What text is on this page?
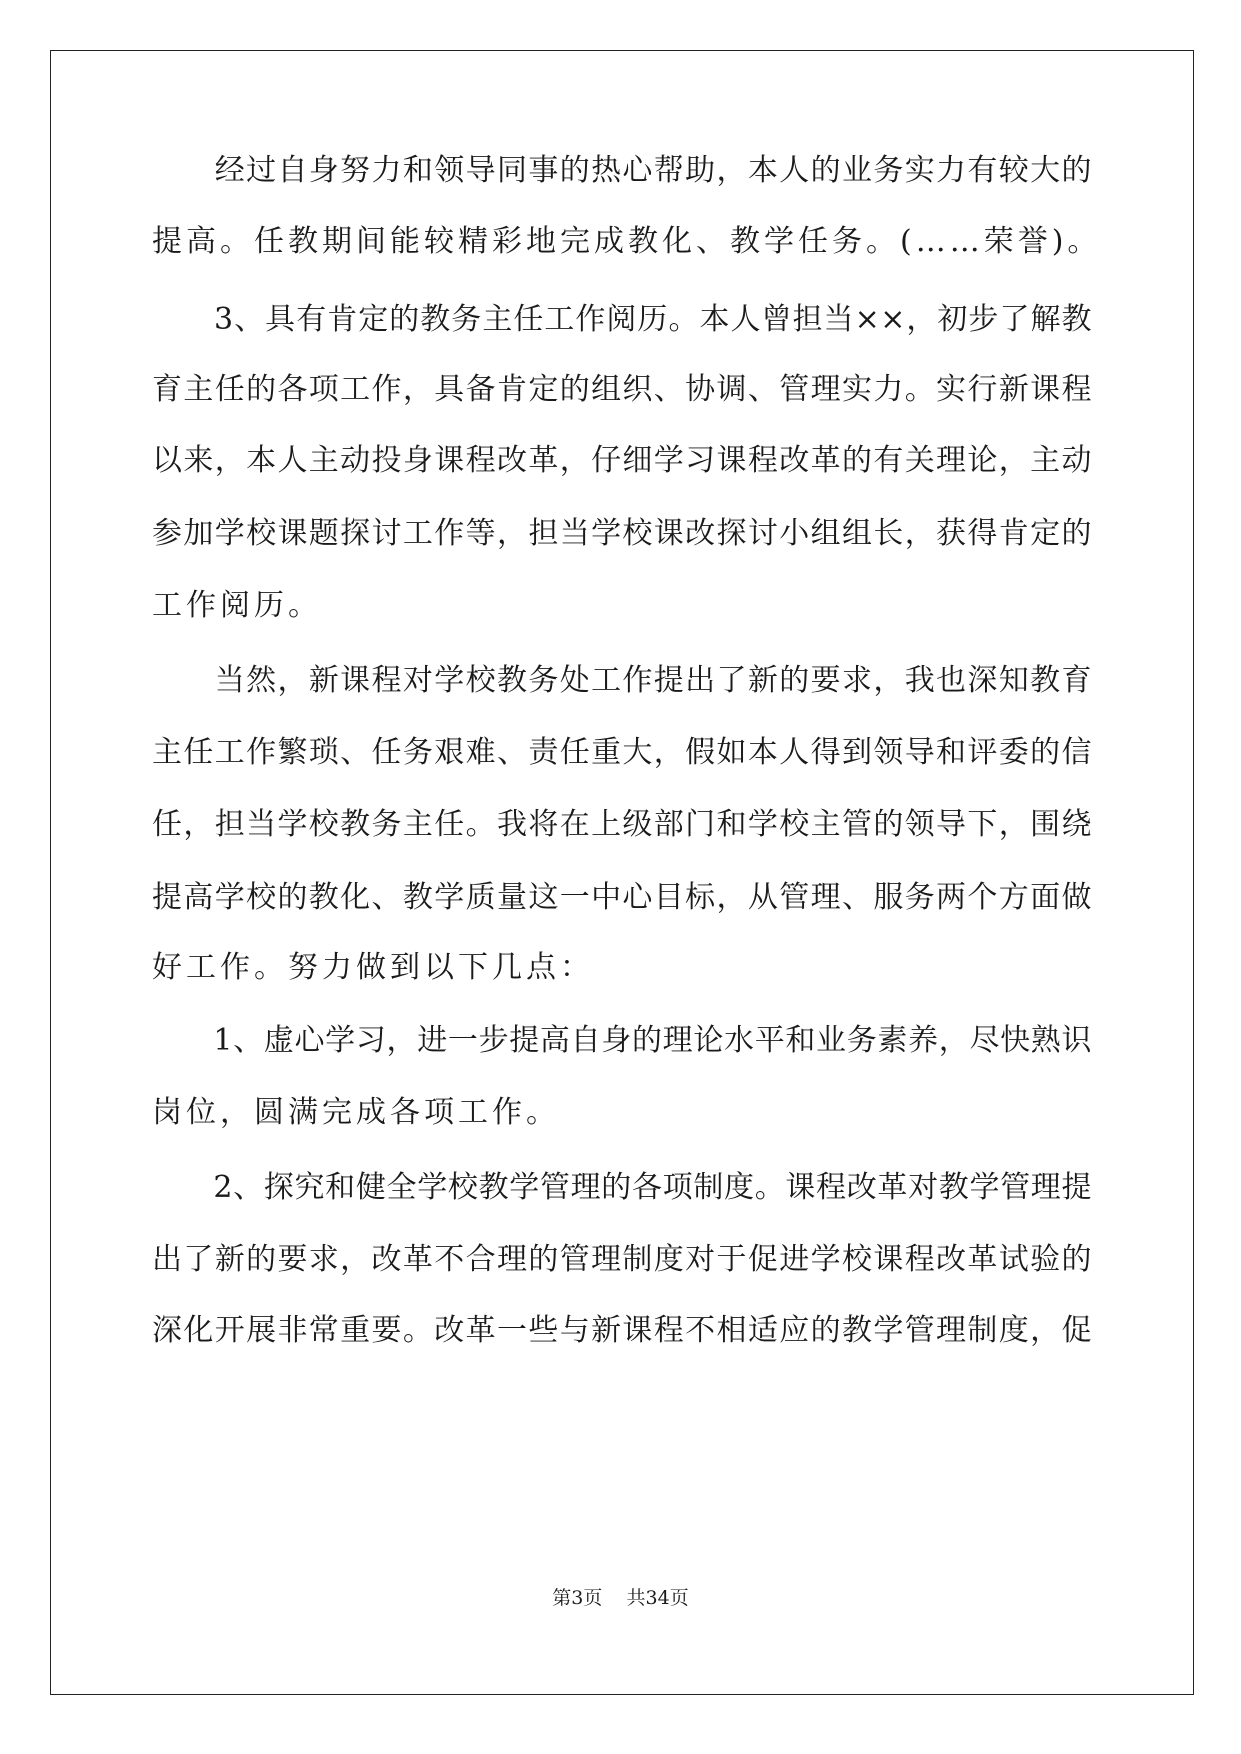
　　经过自身努力和领导同事的热心帮助，本人的业务实力有较大的
提高。任教期间能较精彩地完成教化、教学任务。(……荣誉)。
　　3、具有肯定的教务主任工作阅历。本人曾担当××，初步了解教
育主任的各项工作，具备肯定的组织、协调、管理实力。实行新课程
以来，本人主动投身课程改革，仔细学习课程改革的有关理论，主动
参加学校课题探讨工作等，担当学校课改探讨小组组长，获得肯定的
工作阅历。
　　当然，新课程对学校教务处工作提出了新的要求，我也深知教育
主任工作繁琐、任务艰难、责任重大，假如本人得到领导和评委的信
任，担当学校教务主任。我将在上级部门和学校主管的领导下，围绕
提高学校的教化、教学质量这一中心目标，从管理、服务两个方面做
好工作。努力做到以下几点：
　　1、虚心学习，进一步提高自身的理论水平和业务素养，尽快熟识
岗位，圆满完成各项工作。
　　2、探究和健全学校教学管理的各项制度。课程改革对教学管理提
出了新的要求，改革不合理的管理制度对于促进学校课程改革试验的
深化开展非常重要。改革一些与新课程不相适应的教学管理制度，促
第3页 共34页
